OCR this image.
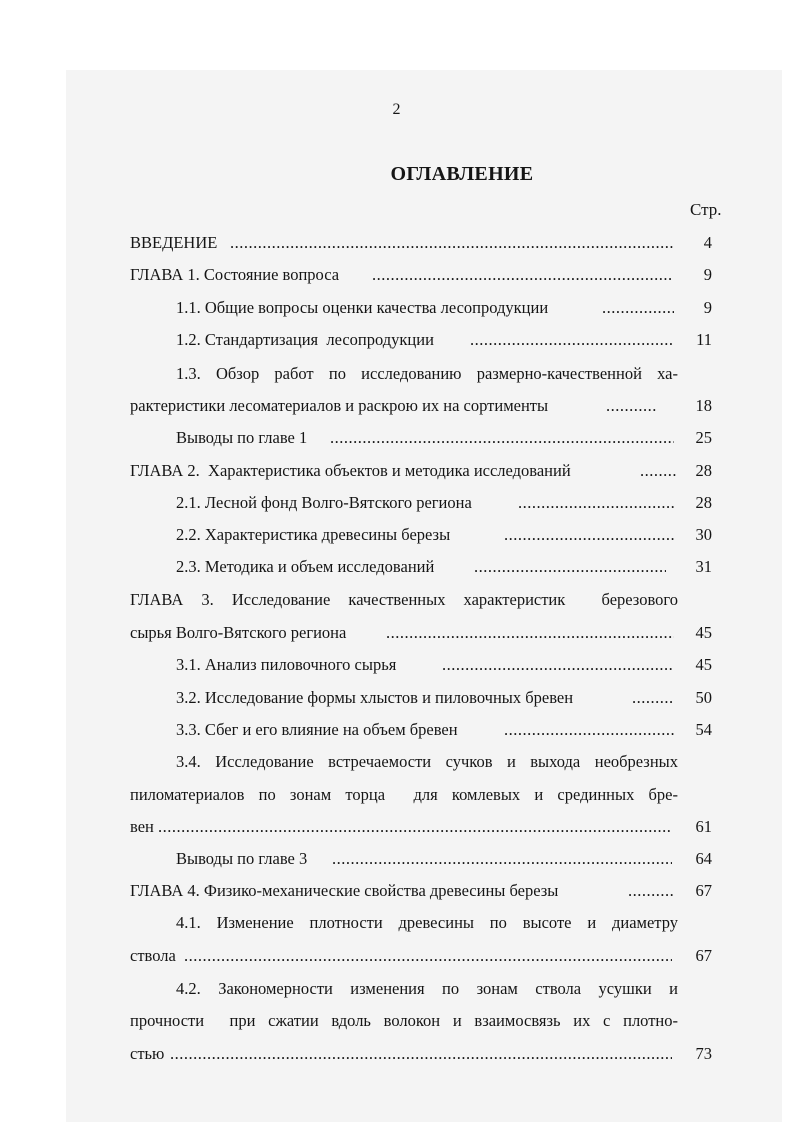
2
ОГЛАВЛЕНИЕ
Стр.
ВВЕДЕНИЕ .....	4
ГЛАВА 1. Состояние вопроса .....	9
1.1. Общие вопросы оценки качества лесопродукции .....	9
1.2. Стандартизация  лесопродукции .....	11
1.3. Обзор работ по исследованию размерно-качественной ха-
рактеристики лесоматериалов и раскрою их на сортименты .....	18
Выводы по главе 1 .....	25
ГЛАВА 2.  Характеристика объектов и методика исследований .....	28
2.1. Лесной фонд Волго-Вятского региона .....	28
2.2. Характеристика древесины березы .....	30
2.3. Методика и объем исследований .....	31
ГЛАВА 3. Исследование качественных характеристик  березового
сырья Волго-Вятского региона .....	45
3.1. Анализ пиловочного сырья .....	45
3.2. Исследование формы хлыстов и пиловочных бревен .....	50
3.3. Сбег и его влияние на объем бревен .....	54
3.4. Исследование встречаемости сучков и выхода необрезных
пиломатериалов по зонам торца  для комлевых и срединных бре-
вен .....	61
Выводы по главе 3 .....	64
ГЛАВА 4. Физико-механические свойства древесины березы .....	67
4.1. Изменение плотности древесины по высоте и диаметру
ствола .....	67
4.2. Закономерности изменения по зонам ствола усушки и
прочности  при сжатии вдоль волокон и взаимосвязь их с плотно-
стью .....	73
